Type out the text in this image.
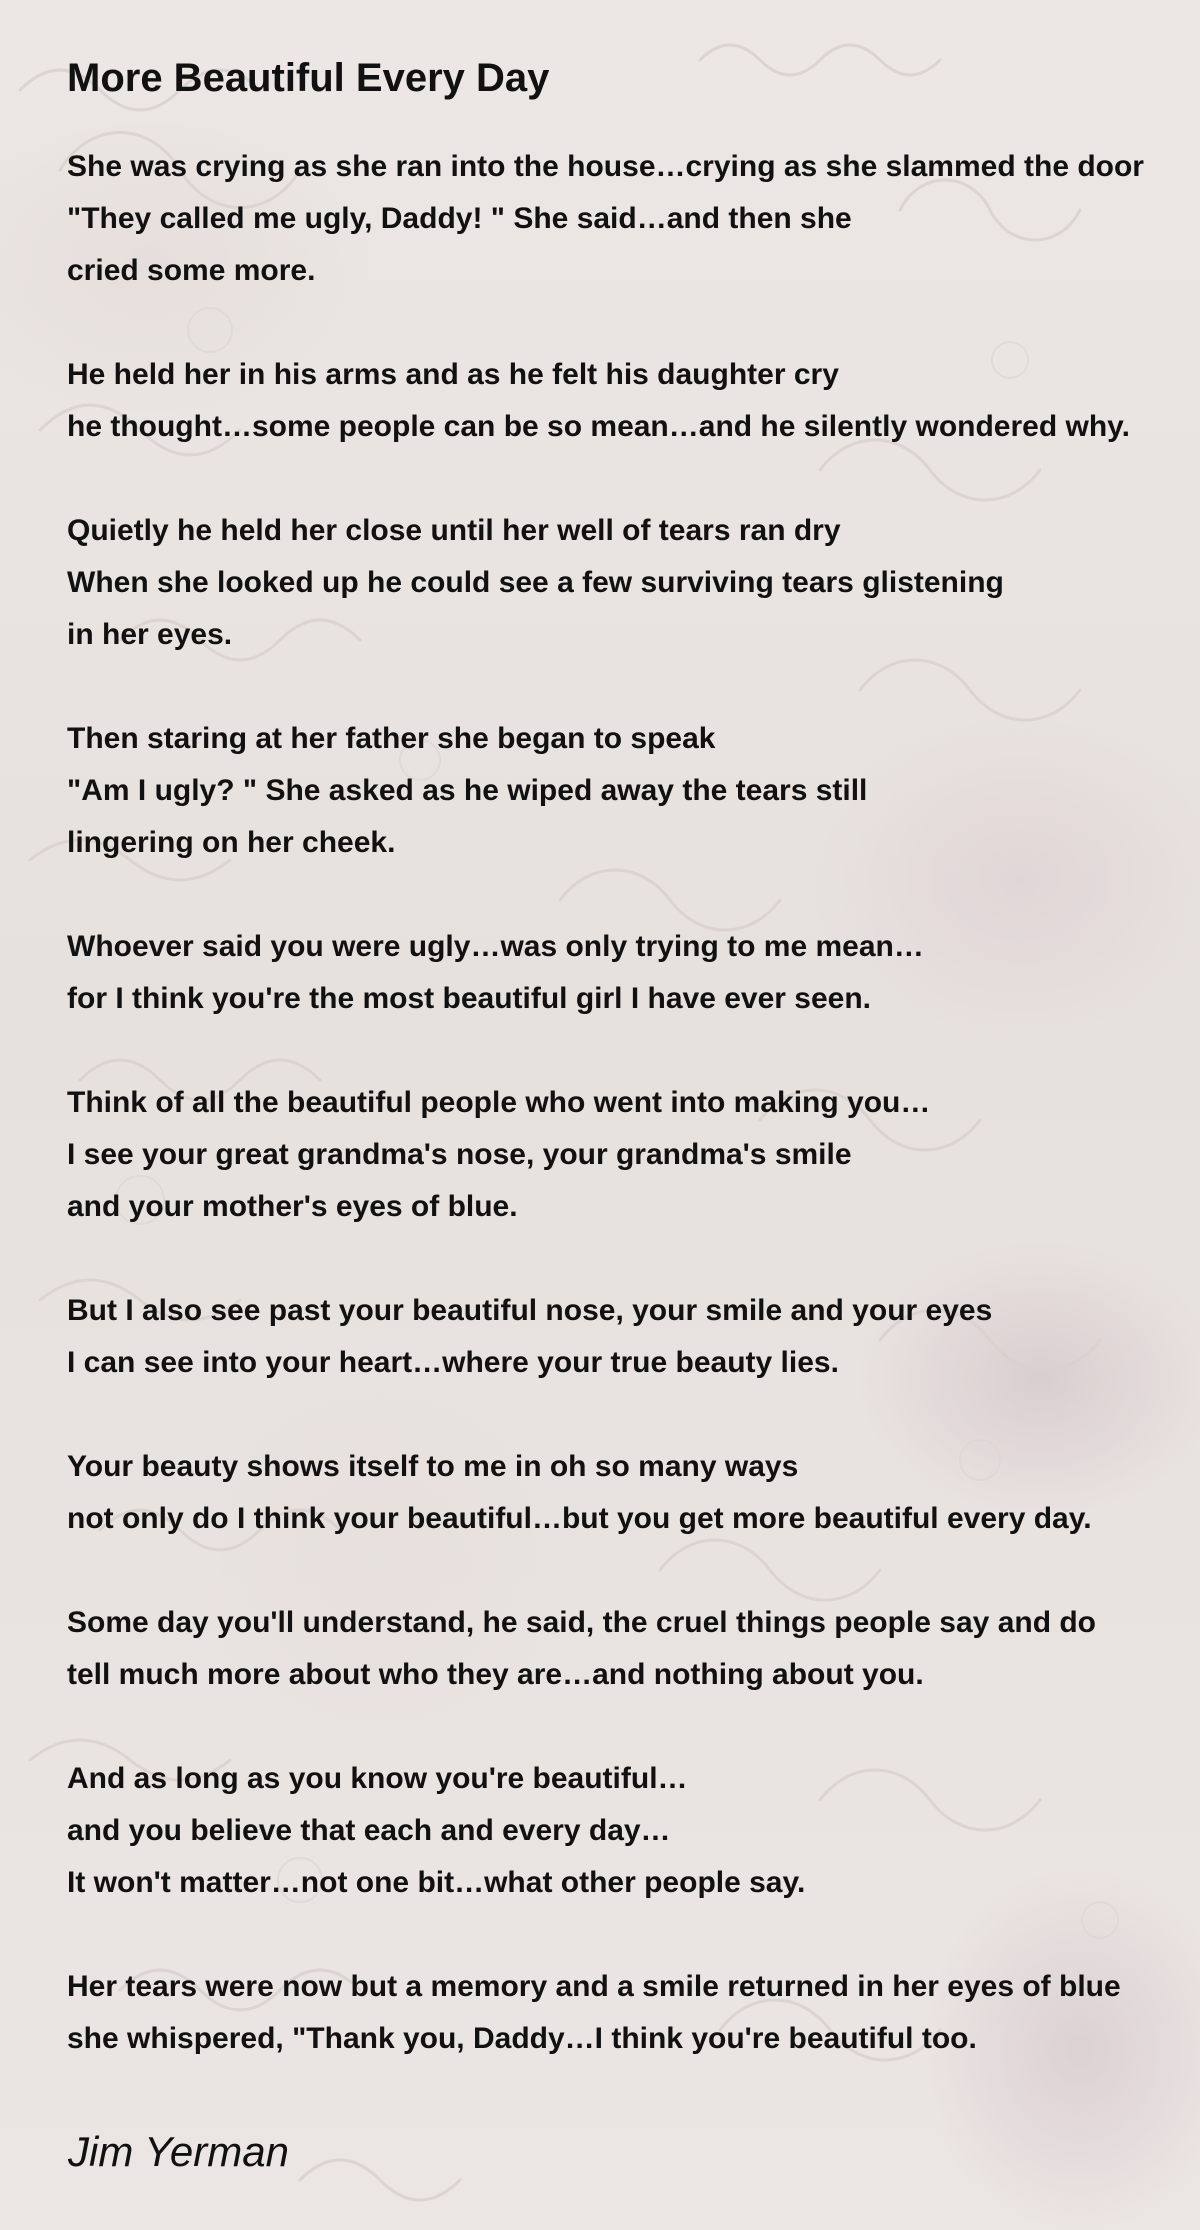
More Beautiful Every Day
She was crying as she ran into the house…crying as she slammed the door
"They called me ugly, Daddy! " She said…and then she
cried some more.
He held her in his arms and as he felt his daughter cry
he thought…some people can be so mean…and he silently wondered why.
Quietly he held her close until her well of tears ran dry
When she looked up he could see a few surviving tears glistening
in her eyes.
Then staring at her father she began to speak
"Am I ugly? " She asked as he wiped away the tears still
lingering on her cheek.
Whoever said you were ugly…was only trying to me mean…
for I think you're the most beautiful girl I have ever seen.
Think of all the beautiful people who went into making you…
I see your great grandma's nose, your grandma's smile
and your mother's eyes of blue.
But I also see past your beautiful nose, your smile and your eyes
I can see into your heart…where your true beauty lies.
Your beauty shows itself to me in oh so many ways
not only do I think your beautiful…but you get more beautiful every day.
Some day you'll understand, he said, the cruel things people say and do
tell much more about who they are…and nothing about you.
And as long as you know you're beautiful…
and you believe that each and every day…
It won't matter…not one bit…what other people say.
Her tears were now but a memory and a smile returned in her eyes of blue
she whispered, "Thank you, Daddy…I think you're beautiful too.
Jim Yerman
